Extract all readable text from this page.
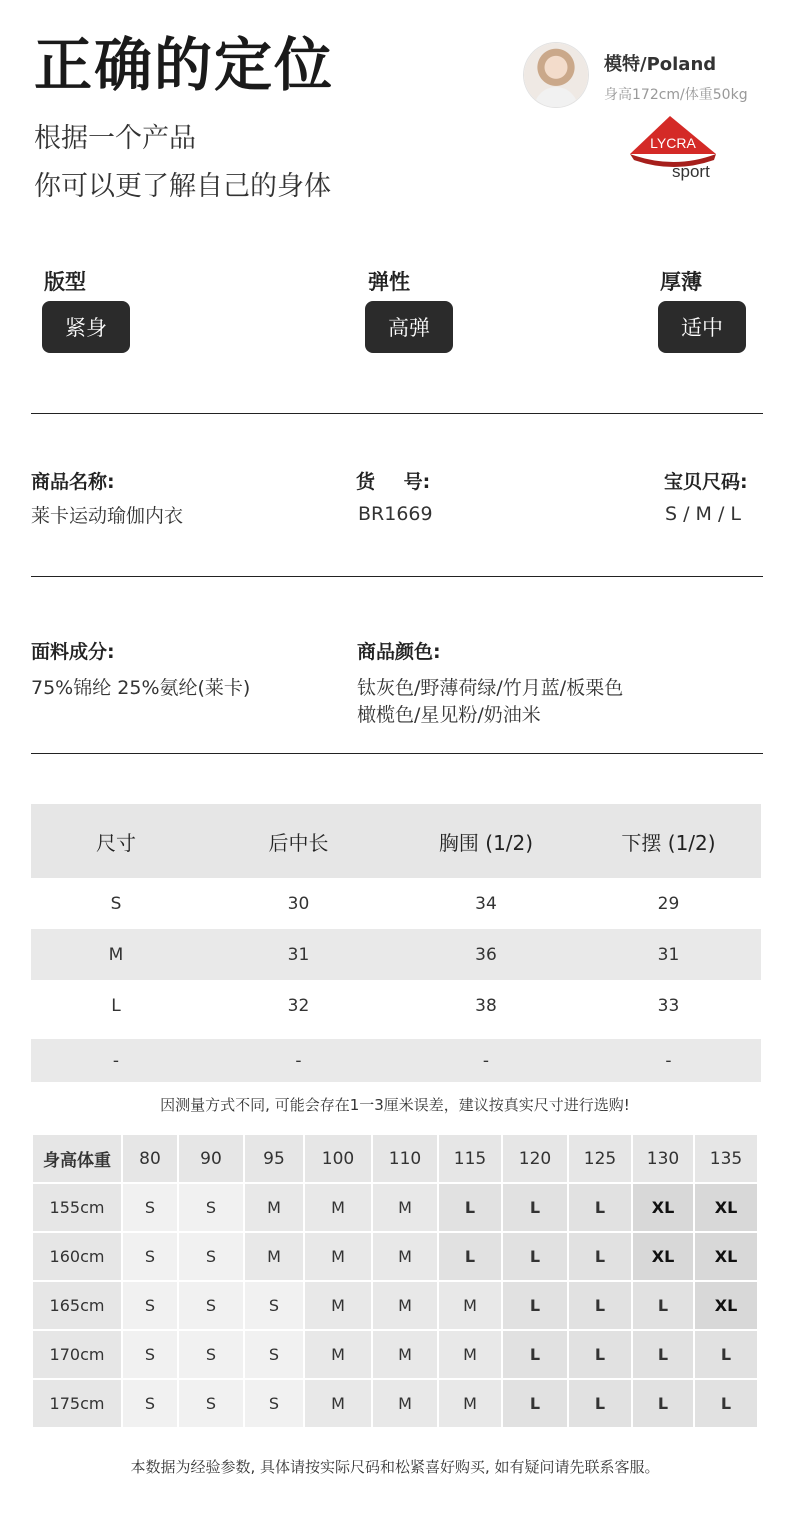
正确的定位
根据一个产品
你可以更了解自己的身体
模特/Poland
身高172cm/体重50kg
LYCRA
sport
版型
紧身
弹性
高弹
厚薄
适中
商品名称:
莱卡运动瑜伽内衣
货 号:
BR1669
宝贝尺码:
S / M / L
面料成分:
75%锦纶 25%氨纶(莱卡)
商品颜色:
钛灰色/野薄荷绿/竹月蓝/板栗色
橄榄色/星见粉/奶油米
尺寸	后中长	胸围 (1/2)	下摆 (1/2)
S	30	34	29
M	31	36	31
L	32	38	33
-	-	-	-
因测量方式不同, 可能会存在1一3厘米误差，建议按真实尺寸进行选购!
身高体重	80	90	95	100	110	115	120	125	130	135
155cm	S	S	M	M	M	L	L	L	XL	XL
160cm	S	S	M	M	M	L	L	L	XL	XL
165cm	S	S	S	M	M	M	L	L	L	XL
170cm	S	S	S	M	M	M	L	L	L	L
175cm	S	S	S	M	M	M	L	L	L	L
本数据为经验参数, 具体请按实际尺码和松紧喜好购买, 如有疑问请先联系客服。
